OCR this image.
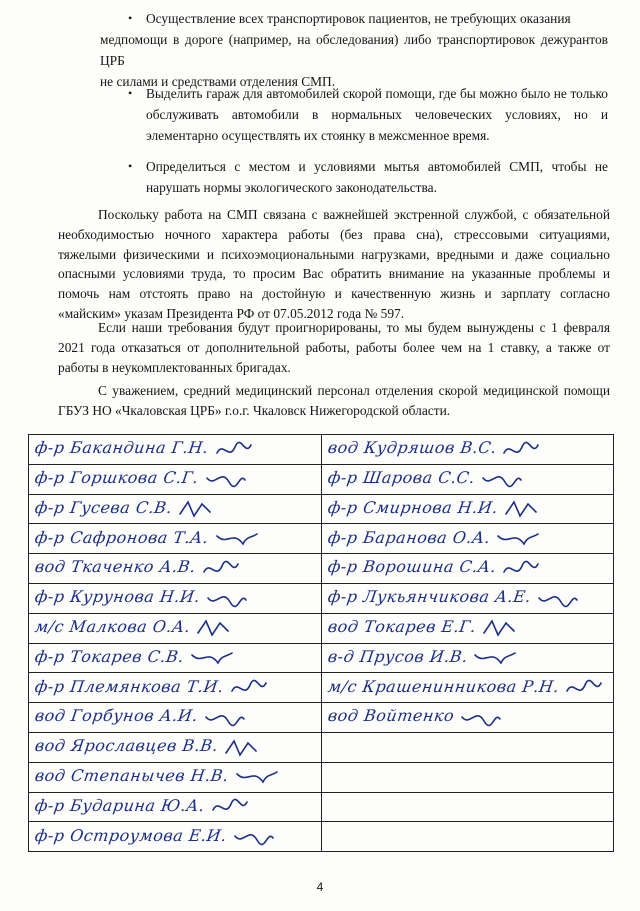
• Осуществление всех транспортировок пациентов, не требующих оказания
медпомощи в дороге (например, на обследования) либо транспортировок дежурантов ЦРБ
не силами и средствами отделения СМП.
• Выделить гараж для автомобилей скорой помощи, где бы можно было не только обслуживать автомобили в нормальных человеческих условиях, но и элементарно осуществлять их стоянку в межсменное время.
• Определиться с местом и условиями мытья автомобилей СМП, чтобы не нарушать нормы экологического законодательства.

Поскольку работа на СМП связана с важнейшей экстренной службой, с обязательной необходимостью ночного характера работы (без права сна), стрессовыми ситуациями, тяжелыми физическими и психоэмоциональными нагрузками, вредными и даже социально опасными условиями труда, то просим Вас обратить внимание на указанные проблемы и помочь нам отстоять право на достойную и качественную жизнь и зарплату согласно «майским» указам Президента РФ от 07.05.2012 года № 597.

Если наши требования будут проигнорированы, то мы будем вынуждены с 1 февраля 2021 года отказаться от дополнительной работы, работы более чем на 1 ставку, а также от работы в неукомплектованных бригадах.

С уважением, средний медицинский персонал отделения скорой медицинской помощи ГБУЗ НО «Чкаловская ЦРБ» г.о.г. Чкаловск Нижегородской области.

ф-р Бакандина Г.Н.	вод Кудряшов В.С.
ф-р Горшкова С.Г.	ф-р Шарова С.С.
ф-р Гусева С.В.	ф-р Смирнова Н.И.
ф-р Сафронова Т.А.	ф-р Баранова О.А.
вод Ткаченко А.В.	ф-р Ворошина С.А.
ф-р Курунова Н.И.	ф-р Лукьянчикова А.Е.
м/с Малкова О.А.	вод Токарев Е.Г.
ф-р Токарев С.В.	в-д Прусов И.В.
ф-р Племянкова Т.И.	м/с Крашенинникова Р.Н.
вод Горбунов А.И.	вод Войтенко
вод Ярославцев В.В.	
вод Степанычев Н.В.	
ф-р Бударина Ю.А.	
ф-р Остроумова Е.И.	
4
